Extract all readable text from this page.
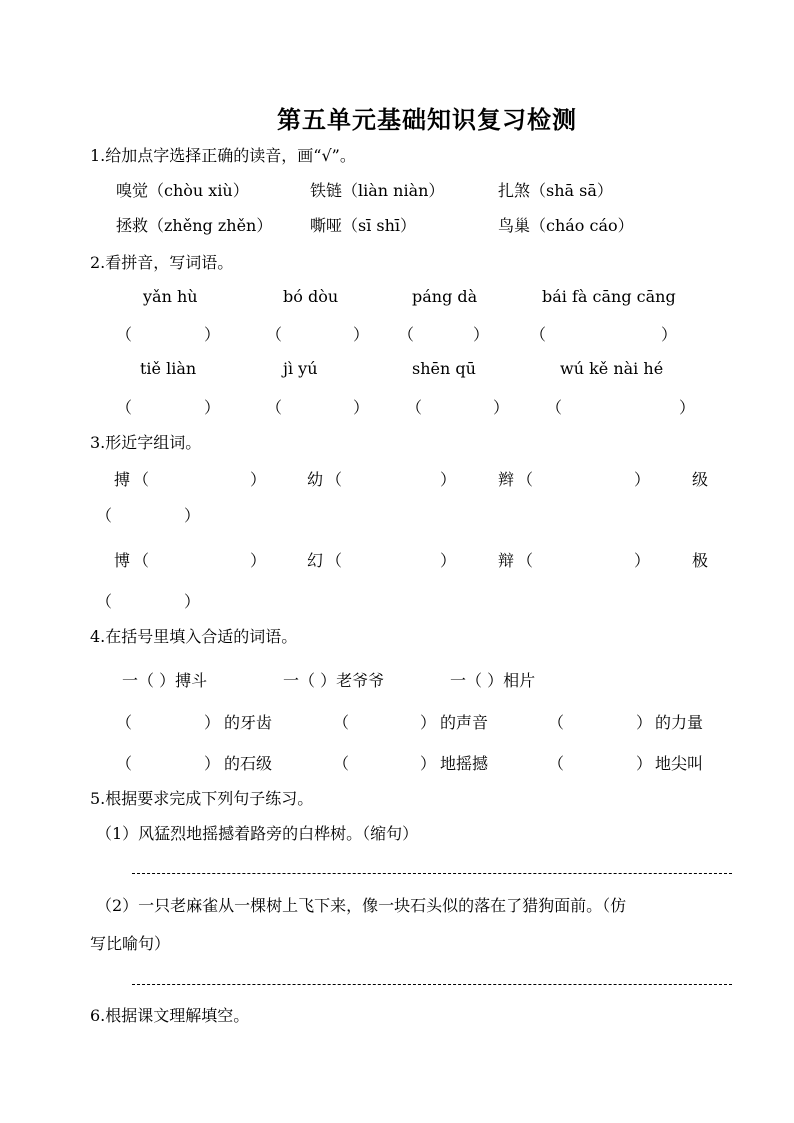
第五单元基础知识复习检测
1.给加点字选择正确的读音，画“√”。
嗅觉（chòu xiù）	铁链（liàn niàn）	扎煞（shā sā）
拯救（zhěng zhěn） 嘶哑（sī shī）	鸟巢（cháo cáo）
2.看拼音，写词语。
yǎn hù	bó dòu	páng dà	bái fà cāng cāng
（	）	（	） （	）	（	）
tiě liàn	jì yú	shēn qū	wú kě nài hé
（	）	（	） （	） （	）
3.形近字组词。
搏 （	）	幼 （	）	辫 （	）	级
（	）
博 （	）	幻 （	）	辩 （	）	极
（	）
4.在括号里填入合适的词语。
一（ ）搏斗	一（ ）老爷爷	一（ ）相片
（	） 的牙齿	（	） 的声音	（	） 的力量
（	） 的石级	（	） 地摇撼	（	） 地尖叫
5.根据要求完成下列句子练习。
（1）风猛烈地摇撼着路旁的白桦树。（缩句）
（2）一只老麻雀从一棵树上飞下来，像一块石头似的落在了猎狗面前。（仿
写比喻句）
6.根据课文理解填空。
